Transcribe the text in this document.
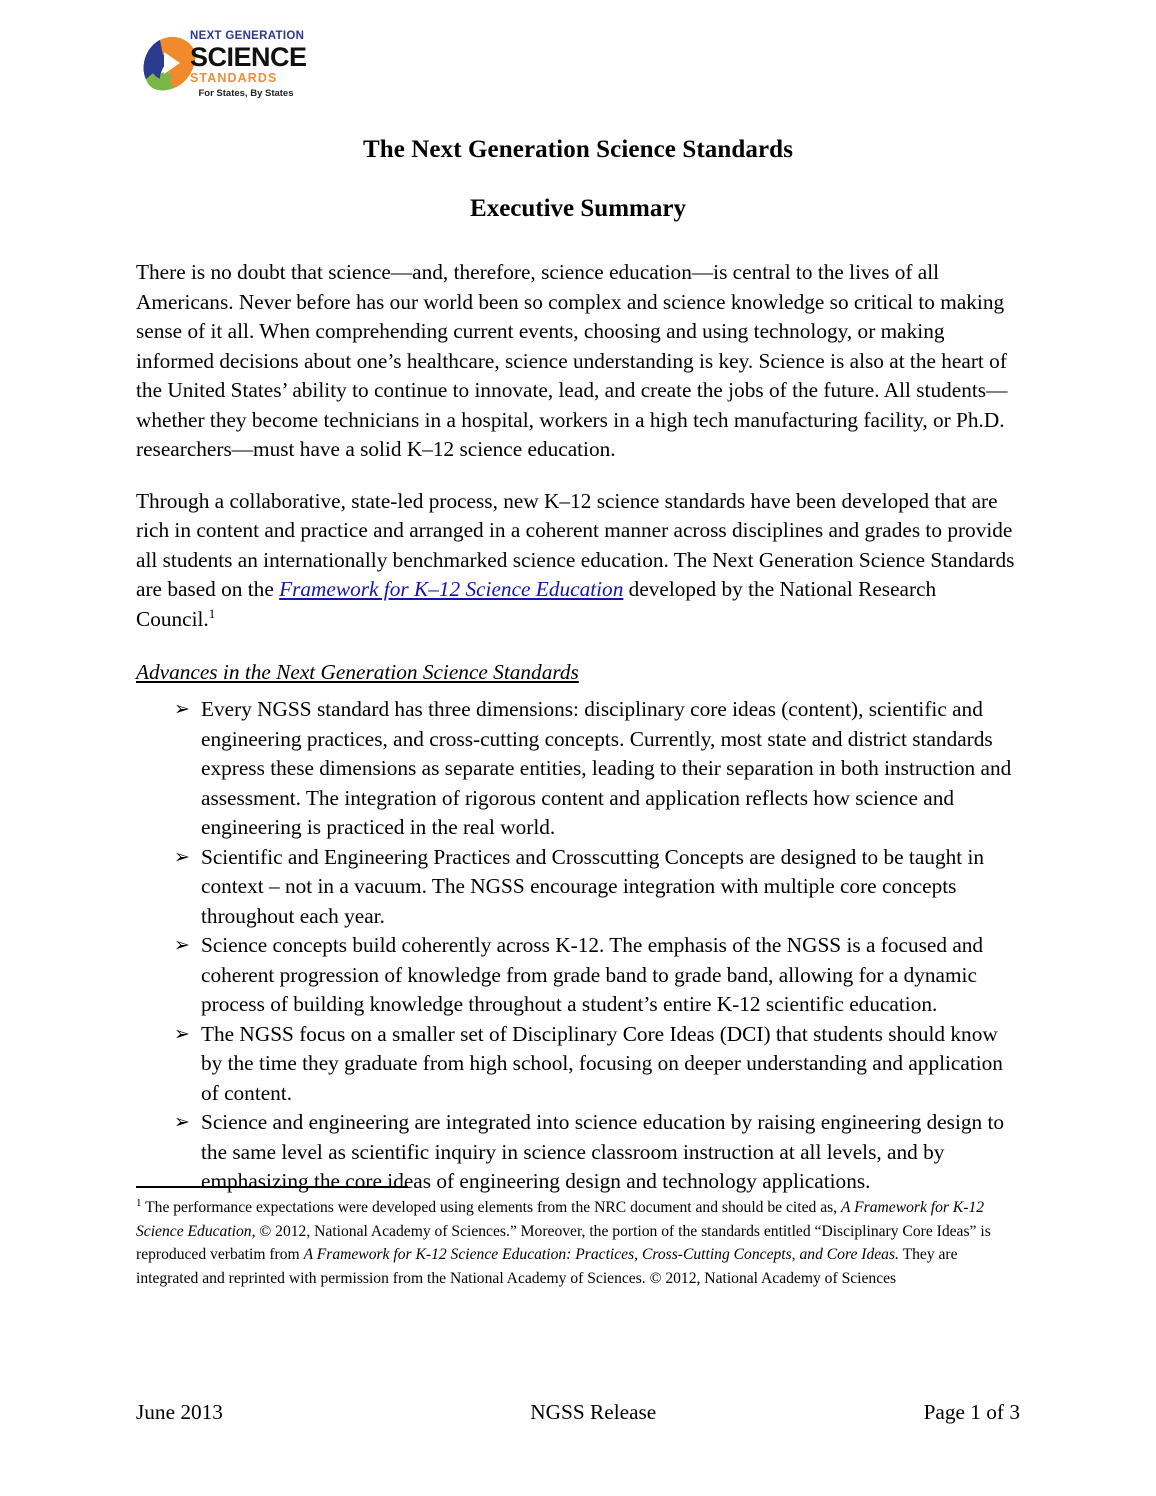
NEXT GENERATION
SCIENCE
STANDARDS
For States, By States
The Next Generation Science Standards
Executive Summary

There is no doubt that science—and, therefore, science education—is central to the lives of all Americans. Never before has our world been so complex and science knowledge so critical to making sense of it all. When comprehending current events, choosing and using technology, or making informed decisions about one’s healthcare, science understanding is key. Science is also at the heart of the United States’ ability to continue to innovate, lead, and create the jobs of the future. All students—whether they become technicians in a hospital, workers in a high tech manufacturing facility, or Ph.D. researchers—must have a solid K–12 science education.

Through a collaborative, state-led process, new K–12 science standards have been developed that are rich in content and practice and arranged in a coherent manner across disciplines and grades to provide all students an internationally benchmarked science education. The Next Generation Science Standards are based on the Framework for K–12 Science Education developed by the National Research Council.$^1$

Advances in the Next Generation Science Standards
➢ Every NGSS standard has three dimensions: disciplinary core ideas (content), scientific and engineering practices, and cross-cutting concepts. Currently, most state and district standards express these dimensions as separate entities, leading to their separation in both instruction and assessment. The integration of rigorous content and application reflects how science and engineering is practiced in the real world.
➢ Scientific and Engineering Practices and Crosscutting Concepts are designed to be taught in context – not in a vacuum. The NGSS encourage integration with multiple core concepts throughout each year.
➢ Science concepts build coherently across K-12. The emphasis of the NGSS is a focused and coherent progression of knowledge from grade band to grade band, allowing for a dynamic process of building knowledge throughout a student’s entire K-12 scientific education.
➢ The NGSS focus on a smaller set of Disciplinary Core Ideas (DCI) that students should know by the time they graduate from high school, focusing on deeper understanding and application of content.
➢ Science and engineering are integrated into science education by raising engineering design to the same level as scientific inquiry in science classroom instruction at all levels, and by emphasizing the core ideas of engineering design and technology applications.
$^1$ The performance expectations were developed using elements from the NRC document and should be cited as, A Framework for K-12 Science Education, © 2012, National Academy of Sciences.” Moreover, the portion of the standards entitled “Disciplinary Core Ideas” is reproduced verbatim from A Framework for K-12 Science Education: Practices, Cross-Cutting Concepts, and Core Ideas. They are integrated and reprinted with permission from the National Academy of Sciences. © 2012, National Academy of Sciences
June 2013	NGSS Release	Page 1 of 3
